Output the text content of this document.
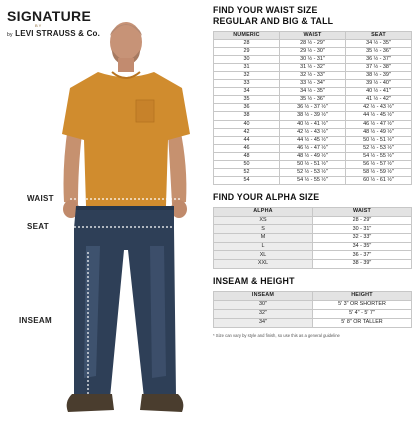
SIGNATURE
BY
by LEVI STRAUSS & Co.
WAIST
SEAT
INSEAM
FIND YOUR WAIST SIZE
REGULAR AND BIG & TALL
NUMERIC	WAIST	SEAT
28	28 ½ - 29"	34 ½ - 35"
29	29 ½ - 30"	35 ½ - 36"
30	30 ½ - 31"	36 ½ - 37"
31	31 ½ - 32"	37 ½ - 38"
32	32 ½ - 33"	38 ½ - 39"
33	33 ½ - 34"	39 ½ - 40"
34	34 ½ - 35"	40 ½ - 41"
35	35 ½ - 36"	41 ½ - 42"
36	36 ½ - 37 ½"	42 ½ - 43 ½"
38	38 ½ - 39 ½"	44 ½ - 45 ½"
40	40 ½ - 41 ½"	46 ½ - 47 ½"
42	42 ½ - 43 ½"	48 ½ - 49 ½"
44	44 ½ - 45 ½"	50 ½ - 51 ½"
46	46 ½ - 47 ½"	52 ½ - 53 ½"
48	48 ½ - 49 ½"	54 ½ - 55 ½"
50	50 ½ - 51 ½"	56 ½ - 57 ½"
52	52 ½ - 53 ½"	58 ½ - 59 ½"
54	54 ½ - 55 ½"	60 ½ - 61 ½"
FIND YOUR ALPHA SIZE
ALPHA	WAIST
XS	28 - 29"
S	30 - 31"
M	32 - 33"
L	34 - 35"
XL	36 - 37"
XXL	38 - 39"
INSEAM & HEIGHT
INSEAM	HEIGHT
30"	5' 3" OR SHORTER
32"	5' 4" - 5' 7"
34"	5' 8" OR TALLER
* Size can vary by style and finish, so use this as a general guideline
